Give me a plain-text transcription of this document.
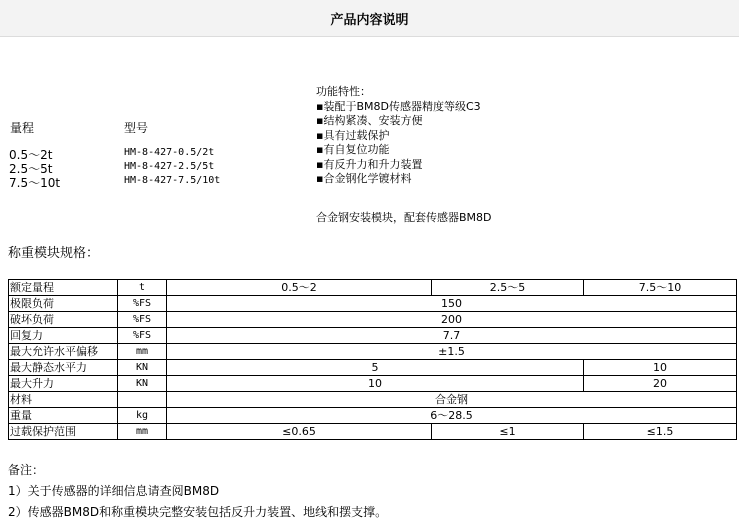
产品内容说明
量程	型号
0.5～2t	HM-8-427-0.5/2t
2.5～5t	HM-8-427-2.5/5t
7.5～10t	HM-8-427-7.5/10t
功能特性：
▪装配于BM8D传感器精度等级C3
▪结构紧凑、安装方便
▪具有过载保护
▪有自复位功能
▪有反升力和升力装置
▪合金钢化学镀材料
合金钢安装模块，配套传感器BM8D
称重模块规格：
额定量程	t	0.5～2	2.5～5	7.5～10
极限负荷	%FS	150		
破坏负荷	%FS	200		
回复力	%FS	7.7		
最大允许水平偏移	mm	±1.5		
最大静态水平力	KN	5		10
最大升力	KN	10		20
材料		合金钢		
重量	kg	6～28.5		
过载保护范围	mm	≤0.65	≤1	≤1.5
备注：
1）关于传感器的详细信息请查阅BM8D
2）传感器BM8D和称重模块完整安装包括反升力装置、地线和摆支撑。
